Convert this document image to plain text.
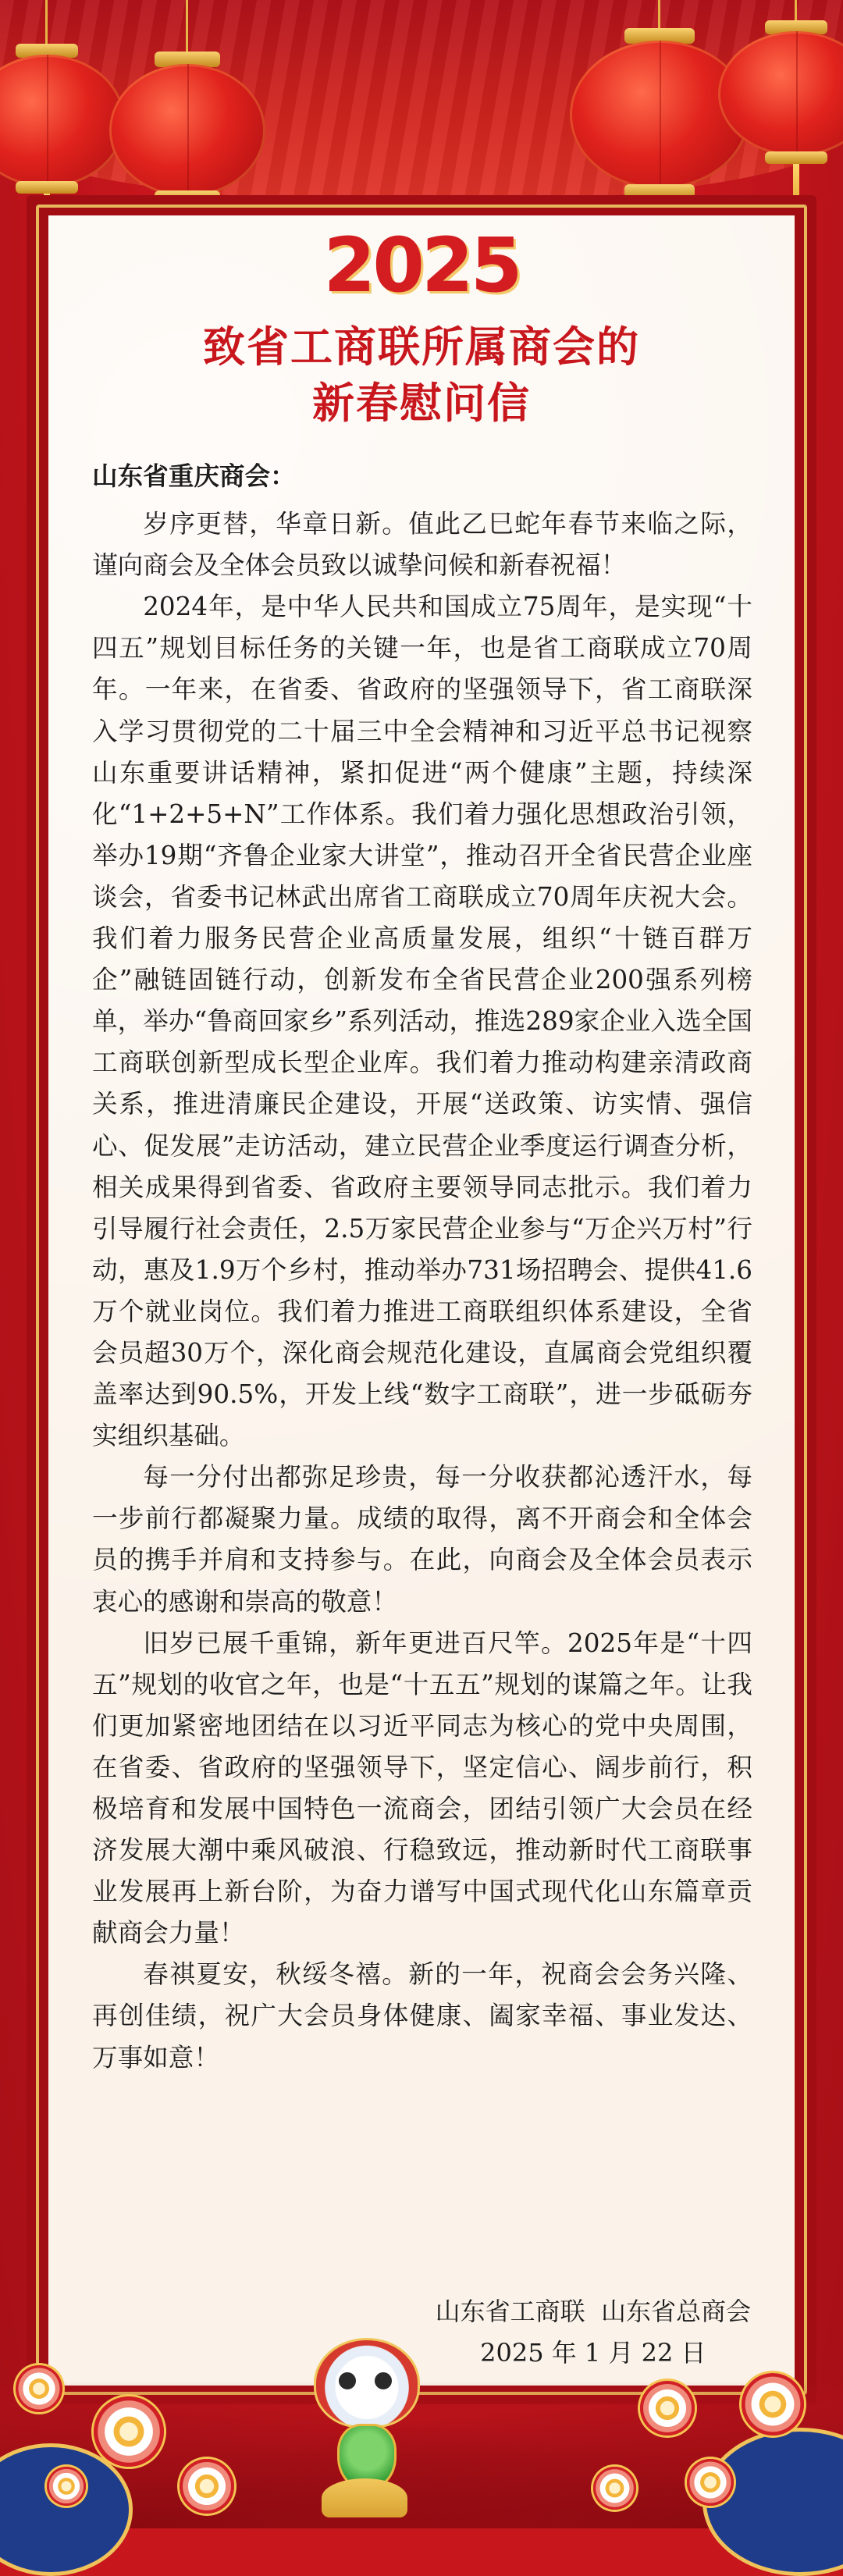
2025
致省工商联所属商会的
新春慰问信

山东省重庆商会：

岁序更替，华章日新。值此乙巳蛇年春节来临之际，谨向商会及全体会员致以诚挚问候和新春祝福！

2024年，是中华人民共和国成立75周年，是实现“十四五”规划目标任务的关键一年，也是省工商联成立70周年。一年来，在省委、省政府的坚强领导下，省工商联深入学习贯彻党的二十届三中全会精神和习近平总书记视察山东重要讲话精神，紧扣促进“两个健康”主题，持续深化“1+2+5+N”工作体系。我们着力强化思想政治引领，举办19期“齐鲁企业家大讲堂”，推动召开全省民营企业座谈会，省委书记林武出席省工商联成立70周年庆祝大会。我们着力服务民营企业高质量发展，组织“十链百群万企”融链固链行动，创新发布全省民营企业200强系列榜单，举办“鲁商回家乡”系列活动，推选289家企业入选全国工商联创新型成长型企业库。我们着力推动构建亲清政商关系，推进清廉民企建设，开展“送政策、访实情、强信心、促发展”走访活动，建立民营企业季度运行调查分析，相关成果得到省委、省政府主要领导同志批示。我们着力引导履行社会责任，2.5万家民营企业参与“万企兴万村”行动，惠及1.9万个乡村，推动举办731场招聘会、提供41.6万个就业岗位。我们着力推进工商联组织体系建设，全省会员超30万个，深化商会规范化建设，直属商会党组织覆盖率达到90.5%，开发上线“数字工商联”，进一步砥砺夯实组织基础。

每一分付出都弥足珍贵，每一分收获都沁透汗水，每一步前行都凝聚力量。成绩的取得，离不开商会和全体会员的携手并肩和支持参与。在此，向商会及全体会员表示衷心的感谢和崇高的敬意！

旧岁已展千重锦，新年更进百尺竿。2025年是“十四五”规划的收官之年，也是“十五五”规划的谋篇之年。让我们更加紧密地团结在以习近平同志为核心的党中央周围，在省委、省政府的坚强领导下，坚定信心、阔步前行，积极培育和发展中国特色一流商会，团结引领广大会员在经济发展大潮中乘风破浪、行稳致远，推动新时代工商联事业发展再上新台阶，为奋力谱写中国式现代化山东篇章贡献商会力量！

春祺夏安，秋绥冬禧。新的一年，祝商会会务兴隆、再创佳绩，祝广大会员身体健康、阖家幸福、事业发达、万事如意！

山东省工商联  山东省总商会
2025 年 1 月 22 日
